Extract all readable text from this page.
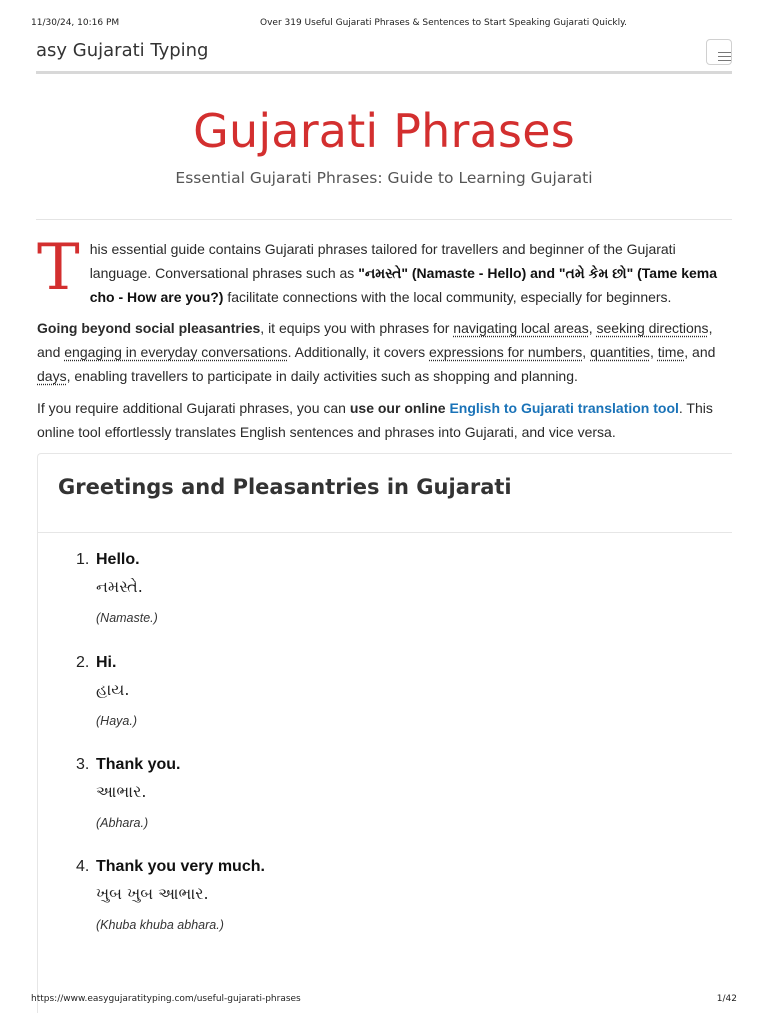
11/30/24, 10:16 PM	Over 319 Useful Gujarati Phrases & Sentences to Start Speaking Gujarati Quickly.
asy Gujarati Typing
Gujarati Phrases
Essential Gujarati Phrases: Guide to Learning Gujarati

This essential guide contains Gujarati phrases tailored for travellers and beginner of the Gujarati language. Conversational phrases such as "નમસ્તે" (Namaste - Hello) and "તમે કેમ છો" (Tame kema cho - How are you?) facilitate connections with the local community, especially for beginners.

Going beyond social pleasantries, it equips you with phrases for navigating local areas, seeking directions, and engaging in everyday conversations. Additionally, it covers expressions for numbers, quantities, time, and days, enabling travellers to participate in daily activities such as shopping and planning.

If you require additional Gujarati phrases, you can use our online English to Gujarati translation tool. This online tool effortlessly translates English sentences and phrases into Gujarati, and vice versa.

Greetings and Pleasantries in Gujarati
1. Hello.
નમસ્તે.
(Namaste.)
2. Hi.
હાય.
(Haya.)
3. Thank you.
આભાર.
(Abhara.)
4. Thank you very much.
ખુબ ખુબ આભાર.
(Khuba khuba abhara.)
https://www.easygujaratityping.com/useful-gujarati-phrases	1/42
